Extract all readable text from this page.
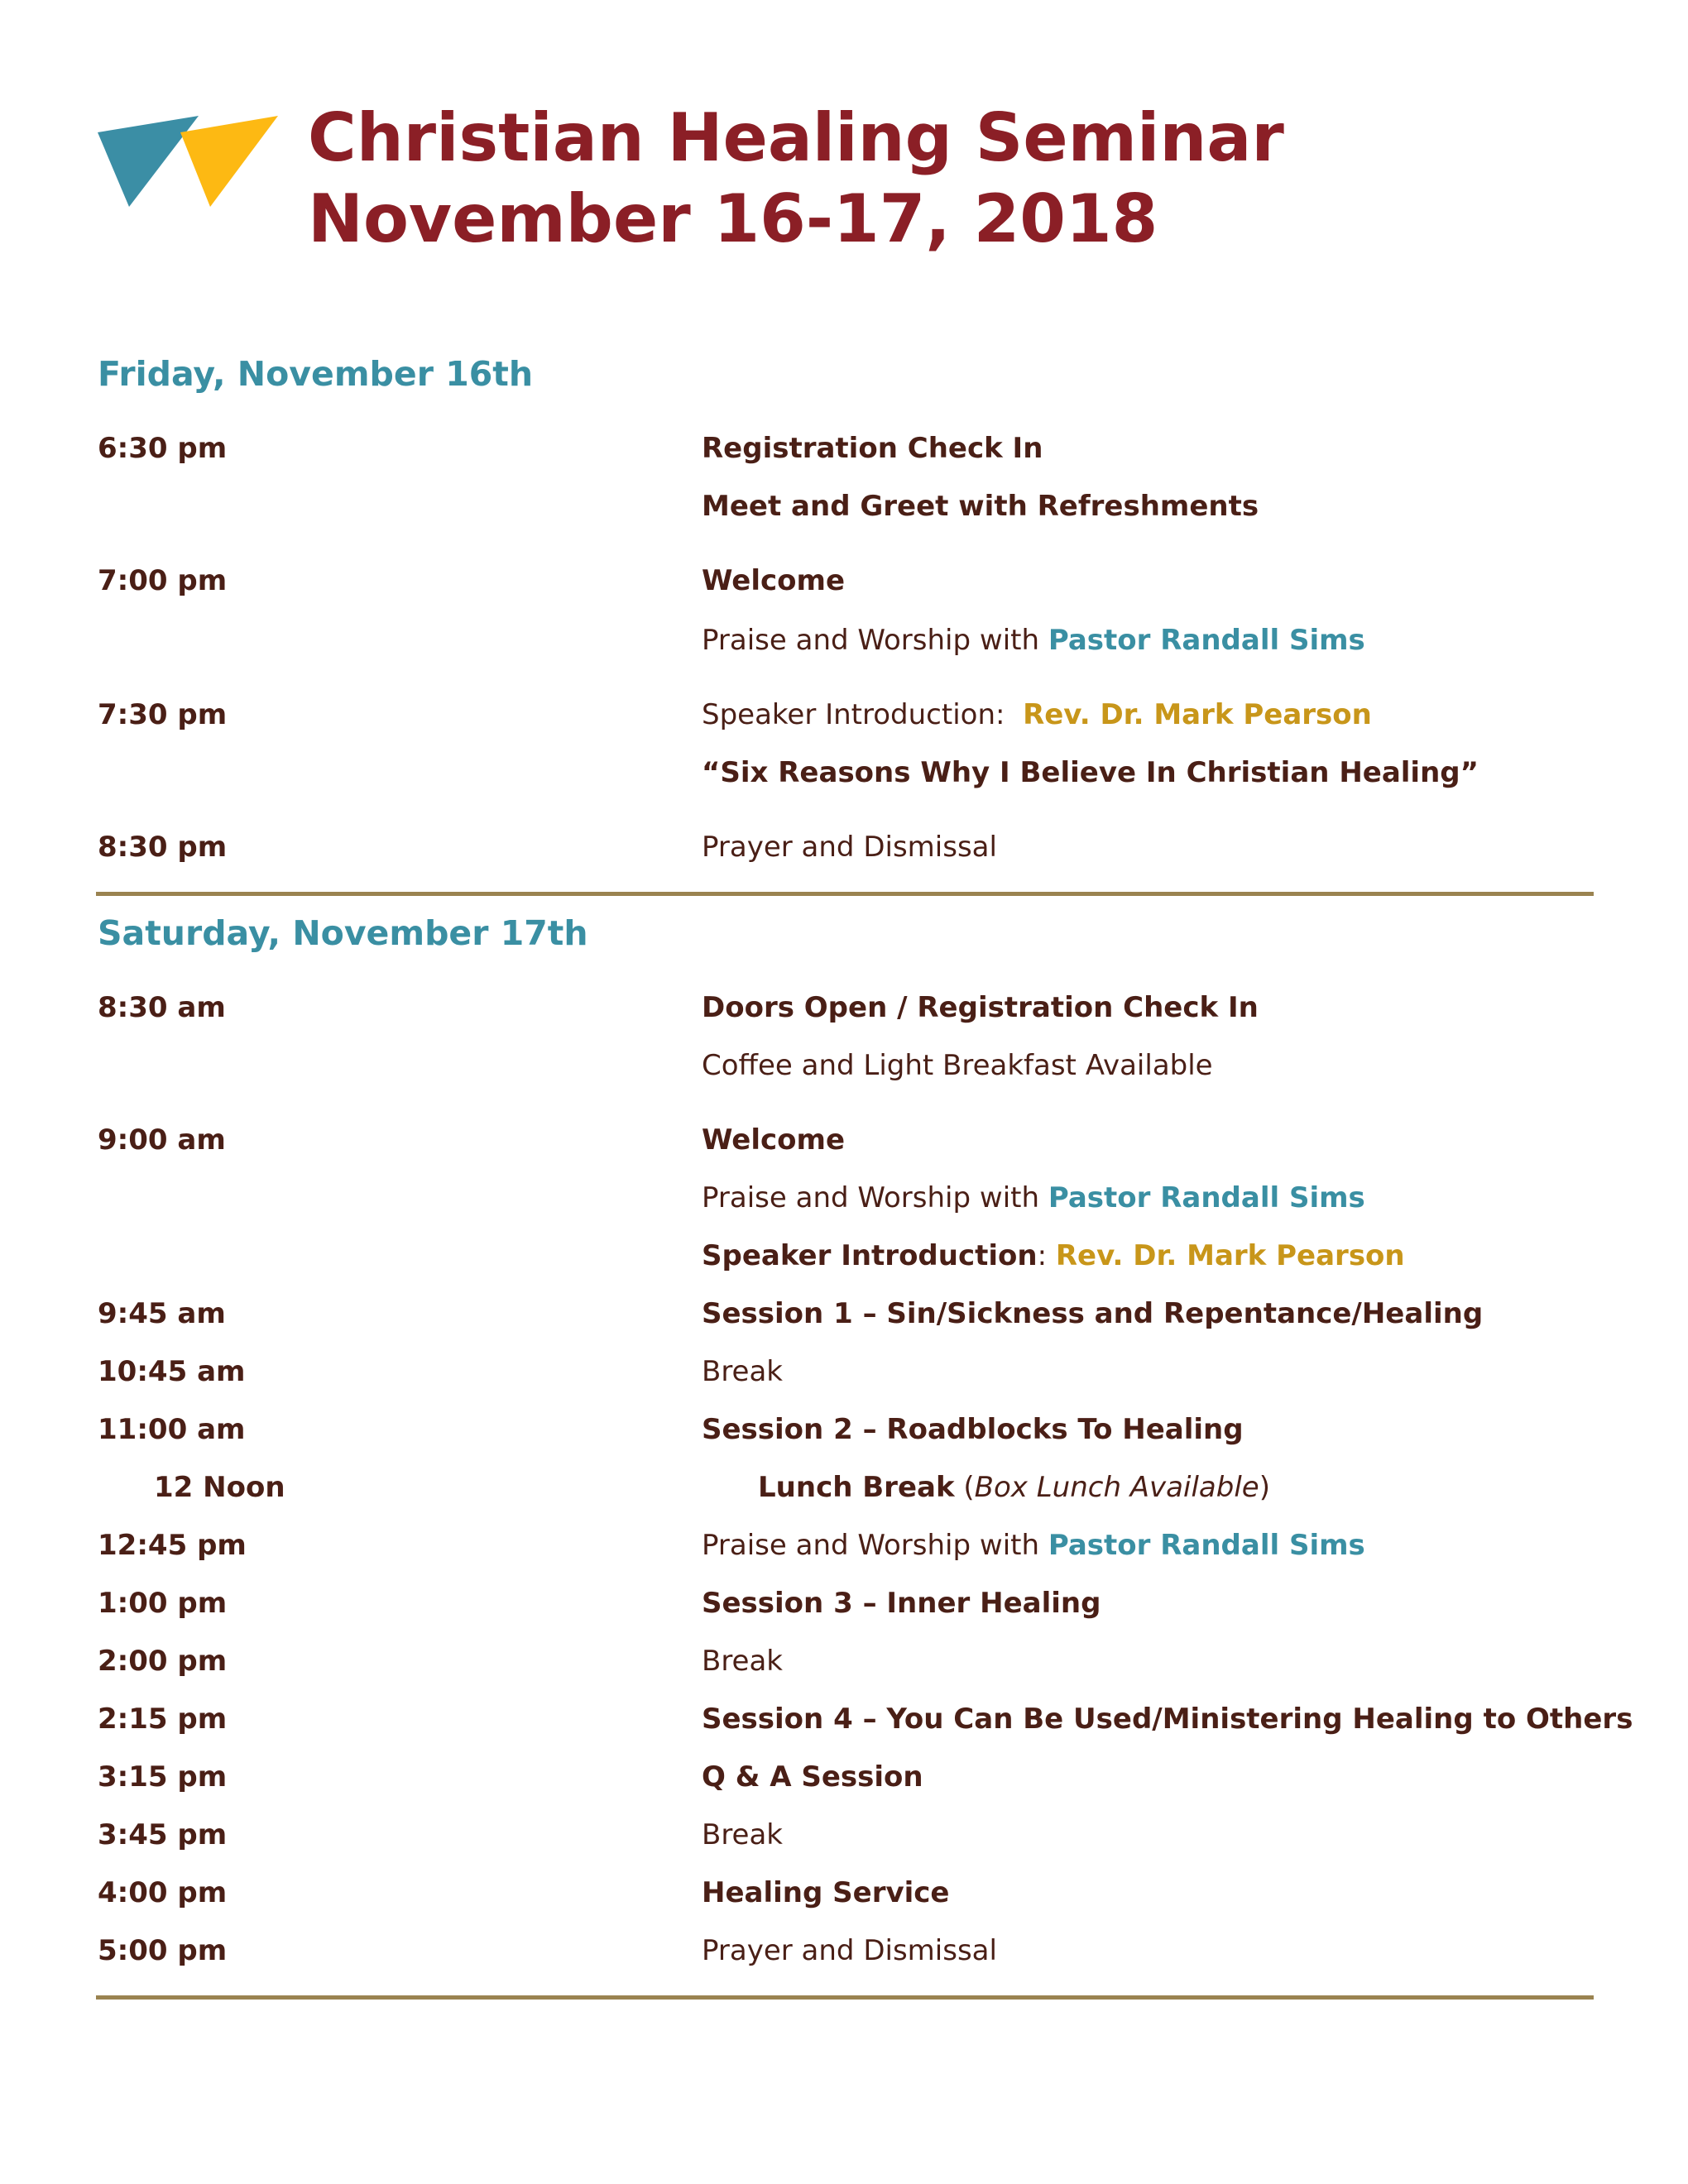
Christian Healing Seminar
November 16-17, 2018
Friday, November 16th
6:30 pm	Registration Check In
Meet and Greet with Refreshments
7:00 pm	Welcome
Praise and Worship with Pastor Randall Sims
7:30 pm	Speaker Introduction:  Rev. Dr. Mark Pearson
“Six Reasons Why I Believe In Christian Healing”
8:30 pm	Prayer and Dismissal
Saturday, November 17th
8:30 am	Doors Open / Registration Check In
Coffee and Light Breakfast Available
9:00 am	Welcome
Praise and Worship with Pastor Randall Sims
Speaker Introduction: Rev. Dr. Mark Pearson
9:45 am	Session 1 – Sin/Sickness and Repentance/Healing
10:45 am	Break
11:00 am	Session 2 – Roadblocks To Healing
12 Noon	Lunch Break (Box Lunch Available)
12:45 pm	Praise and Worship with Pastor Randall Sims
1:00 pm	Session 3 – Inner Healing
2:00 pm	Break
2:15 pm	Session 4 – You Can Be Used/Ministering Healing to Others
3:15 pm	Q & A Session
3:45 pm	Break
4:00 pm	Healing Service
5:00 pm	Prayer and Dismissal
